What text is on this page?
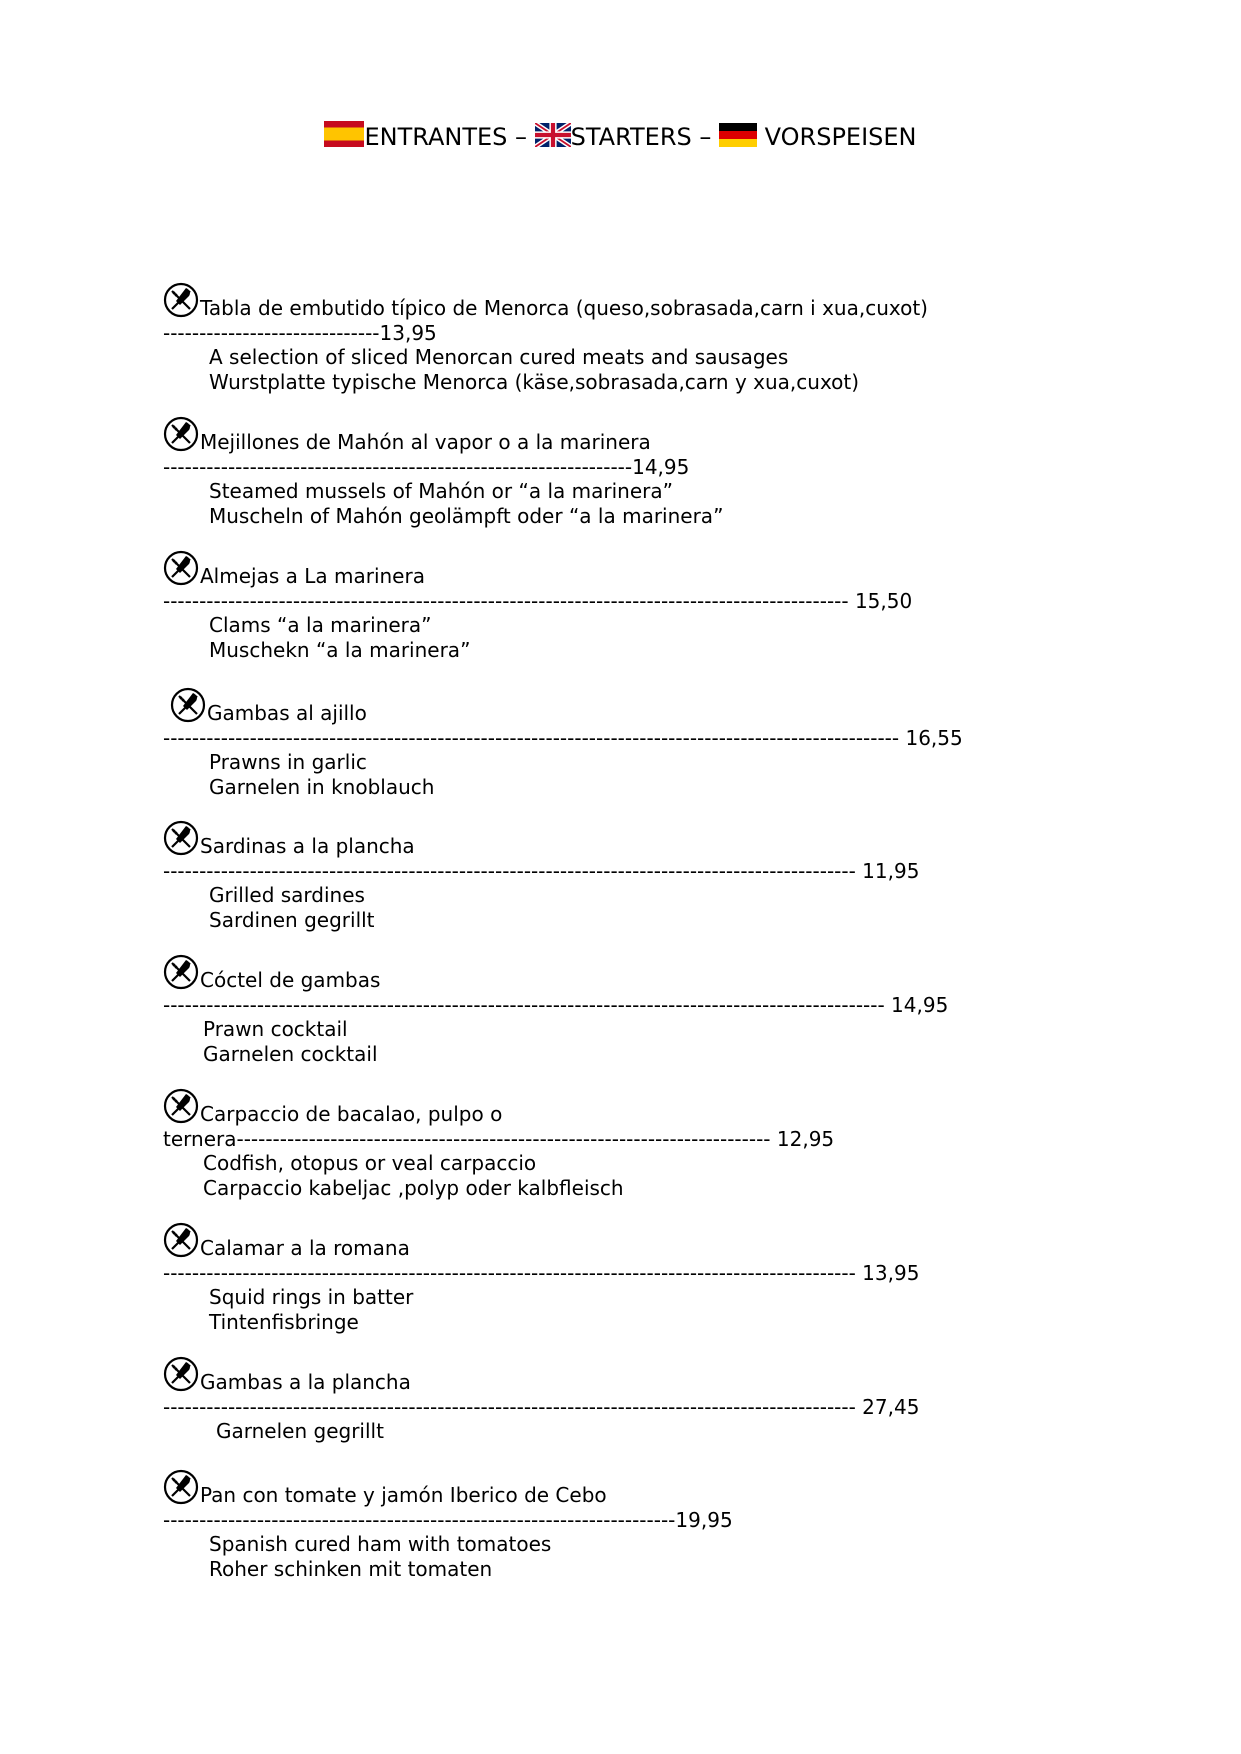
ENTRANTES – STARTERS –  VORSPEISEN
Tabla de embutido típico de Menorca (queso,sobrasada,carn i xua,cuxot)
------------------------------13,95
A selection of sliced Menorcan cured meats and sausages
Wurstplatte typische Menorca (käse,sobrasada,carn y xua,cuxot)
Mejillones de Mahón al vapor o a la marinera
-----------------------------------------------------------------14,95
Steamed mussels of Mahón or “a la marinera”
Muscheln of Mahón geolämpft oder “a la marinera”
Almejas a La marinera
----------------------------------------------------------------------------------------------- 15,50
Clams “a la marinera”
Muschekn “a la marinera”
Gambas al ajillo
------------------------------------------------------------------------------------------------------ 16,55
Prawns in garlic
Garnelen in knoblauch
Sardinas a la plancha
------------------------------------------------------------------------------------------------ 11,95
Grilled sardines
Sardinen gegrillt
Cóctel de gambas
---------------------------------------------------------------------------------------------------- 14,95
Prawn cocktail
Garnelen cocktail
Carpaccio de bacalao, pulpo o
ternera-------------------------------------------------------------------------- 12,95
Codfish, otopus or veal carpaccio
Carpaccio kabeljac ,polyp oder kalbfleisch
Calamar a la romana
------------------------------------------------------------------------------------------------ 13,95
Squid rings in batter
Tintenfisbringe
Gambas a la plancha
------------------------------------------------------------------------------------------------ 27,45
Garnelen gegrillt
Pan con tomate y jamón Iberico de Cebo
-----------------------------------------------------------------------19,95
Spanish cured ham with tomatoes
Roher schinken mit tomaten
